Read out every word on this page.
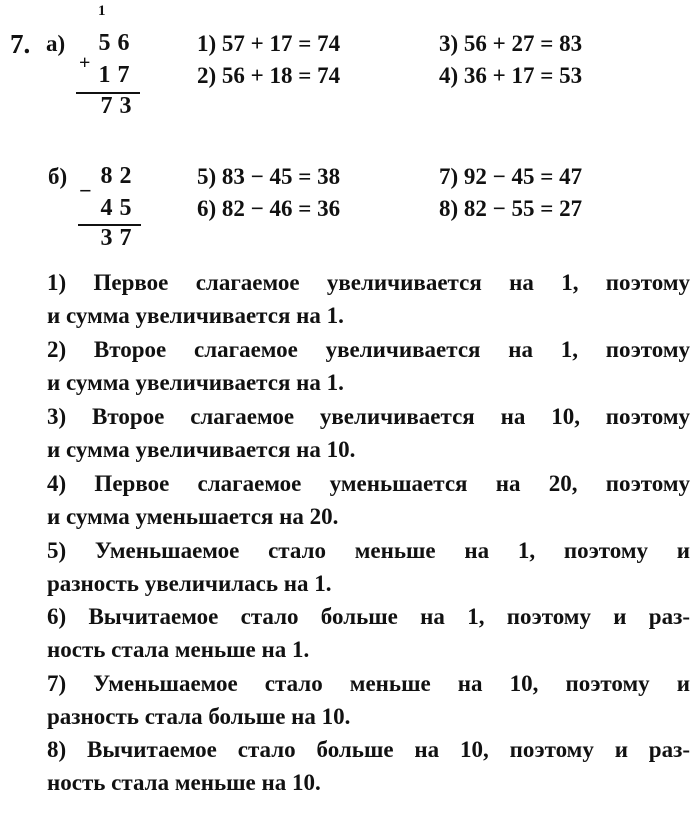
7. а)
1
5 6
+ 1 7
7 3
1) 57 + 17 = 74
2) 56 + 18 = 74
3) 56 + 27 = 83
4) 36 + 17 = 53
б) 8 2
−
4 5
3 7
5) 83 − 45 = 38
6) 82 − 46 = 36
7) 92 − 45 = 47
8) 82 − 55 = 27
1) Первое слагаемое увеличивается на 1, поэтому
и сумма увеличивается на 1.
2) Второе слагаемое увеличивается на 1, поэтому
и сумма увеличивается на 1.
3) Второе слагаемое увеличивается на 10, поэтому
и сумма увеличивается на 10.
4) Первое слагаемое уменьшается на 20, поэтому
и сумма уменьшается на 20.
5) Уменьшаемое стало меньше на 1, поэтому и
разность увеличилась на 1.
6) Вычитаемое стало больше на 1, поэтому и раз-
ность стала меньше на 1.
7) Уменьшаемое стало меньше на 10, поэтому и
разность стала больше на 10.
8) Вычитаемое стало больше на 10, поэтому и раз-
ность стала меньше на 10.
